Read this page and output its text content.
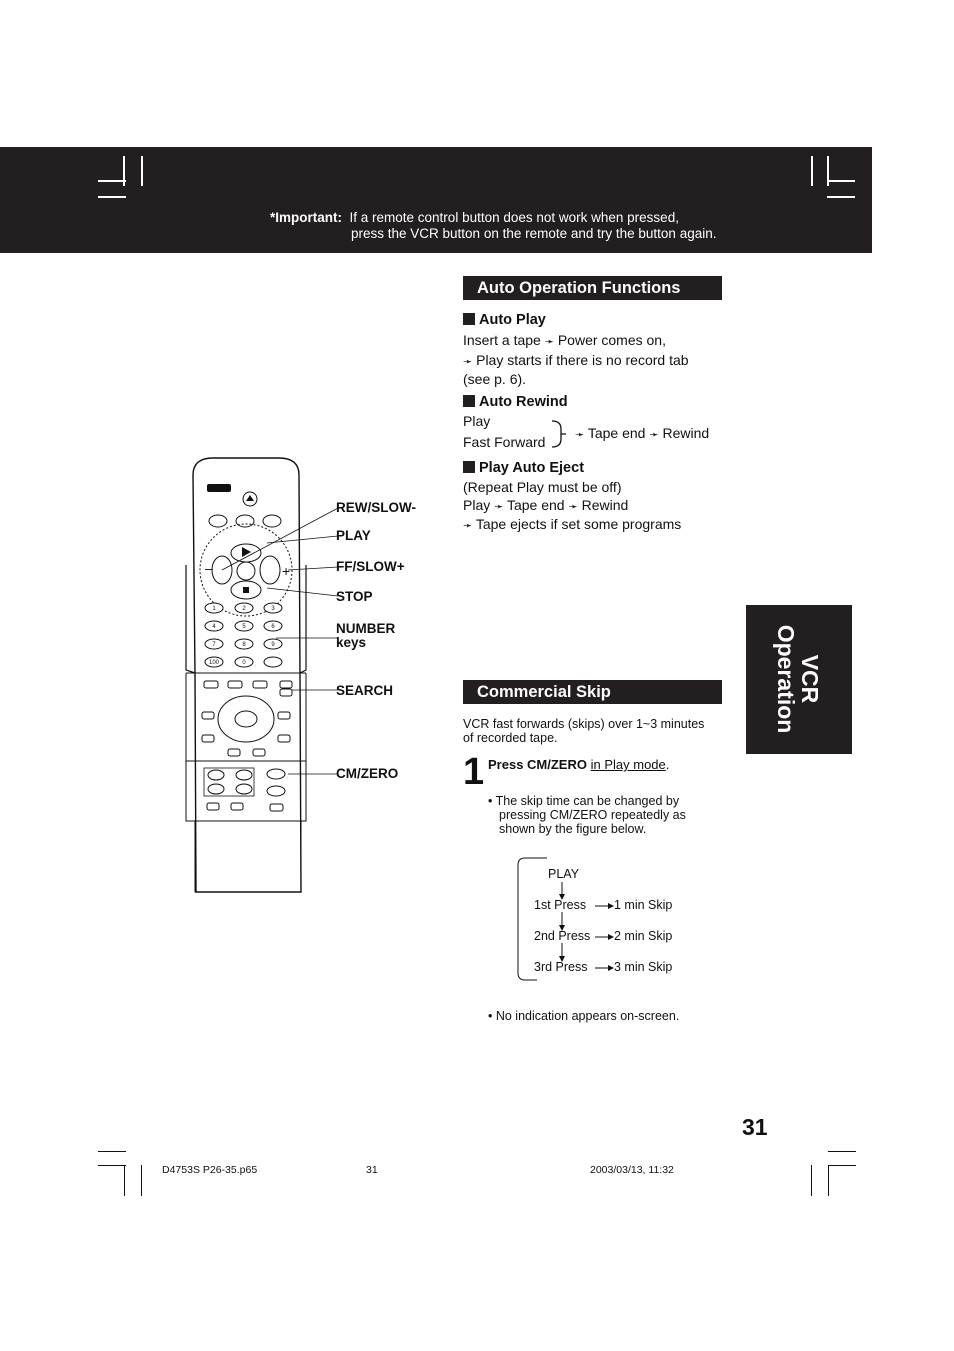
*Important: If a remote control button does not work when pressed,
press the VCR button on the remote and try the button again.
Auto Operation Functions
Auto Play
Insert a tape ➛ Power comes on,
➛ Play starts if there is no record tab
(see p. 6).
Auto Rewind
Play
Fast Forward	➛ Tape end ➛ Rewind
Play Auto Eject
(Repeat Play must be off)
Play ➛ Tape end ➛ Rewind
➛ Tape ejects if set some programs
VCR
Operation
Commercial Skip
VCR fast forwards (skips) over 1~3 minutes
of recorded tape.
1 Press CM/ZERO in Play mode.
• The skip time can be changed by
pressing CM/ZERO repeatedly as
shown by the figure below.
PLAY
1st Press 1 min Skip
2nd Press 2 min Skip
3rd Press 3 min Skip
• No indication appears on-screen.
–	+
1	2	3
4	5	6
7	8	9
100	0
REW/SLOW-
PLAY
FF/SLOW+
STOP
NUMBER
keys
SEARCH
CM/ZERO
31
D4753S P26-35.p65	31	2003/03/13, 11:32
